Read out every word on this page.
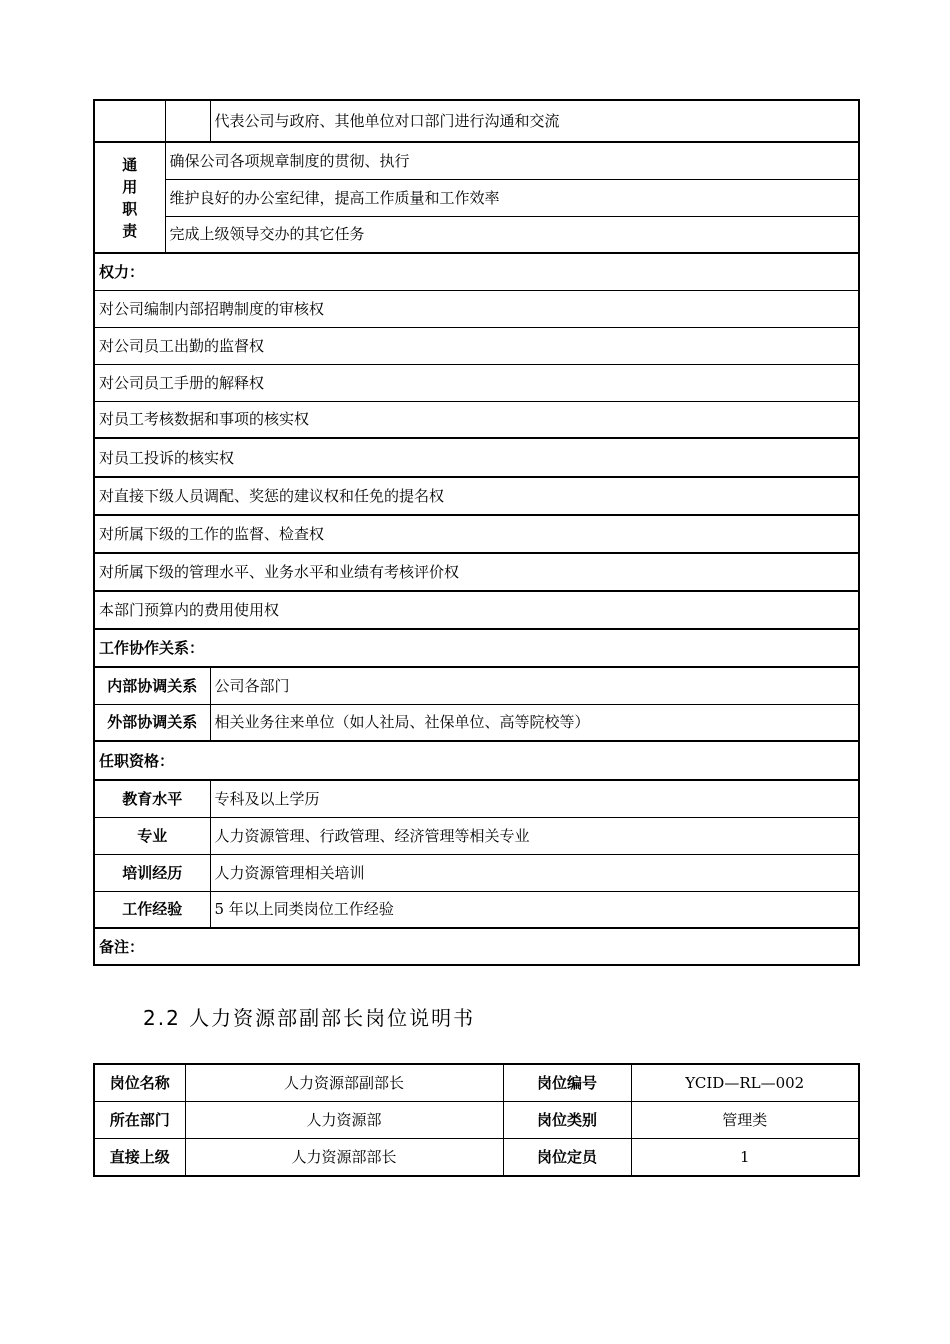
		代表公司与政府、其他单位对口部门进行沟通和交流

通
用
职
责	确保公司各项规章制度的贯彻、执行	
	维护良好的办公室纪律，提高工作质量和工作效率	
	完成上级领导交办的其它任务	
权力：		
对公司编制内部招聘制度的审核权		
对公司员工出勤的监督权		
对公司员工手册的解释权		
对员工考核数据和事项的核实权		
对员工投诉的核实权		
对直接下级人员调配、奖惩的建议权和任免的提名权		
对所属下级的工作的监督、检查权		
对所属下级的管理水平、业务水平和业绩有考核评价权		
本部门预算内的费用使用权		
工作协作关系：		
内部协调关系		公司各部门
外部协调关系		相关业务往来单位（如人社局、社保单位、高等院校等）
任职资格：		
教育水平		专科及以上学历
专业		人力资源管理、行政管理、经济管理等相关专业
培训经历		人力资源管理相关培训
工作经验		5 年以上同类岗位工作经验
备注：		
2.2 人力资源部副部长岗位说明书
岗位名称	人力资源部副部长	岗位编号	YCID—RL—002
所在部门	人力资源部	岗位类别	管理类
直接上级	人力资源部部长	岗位定员	1
